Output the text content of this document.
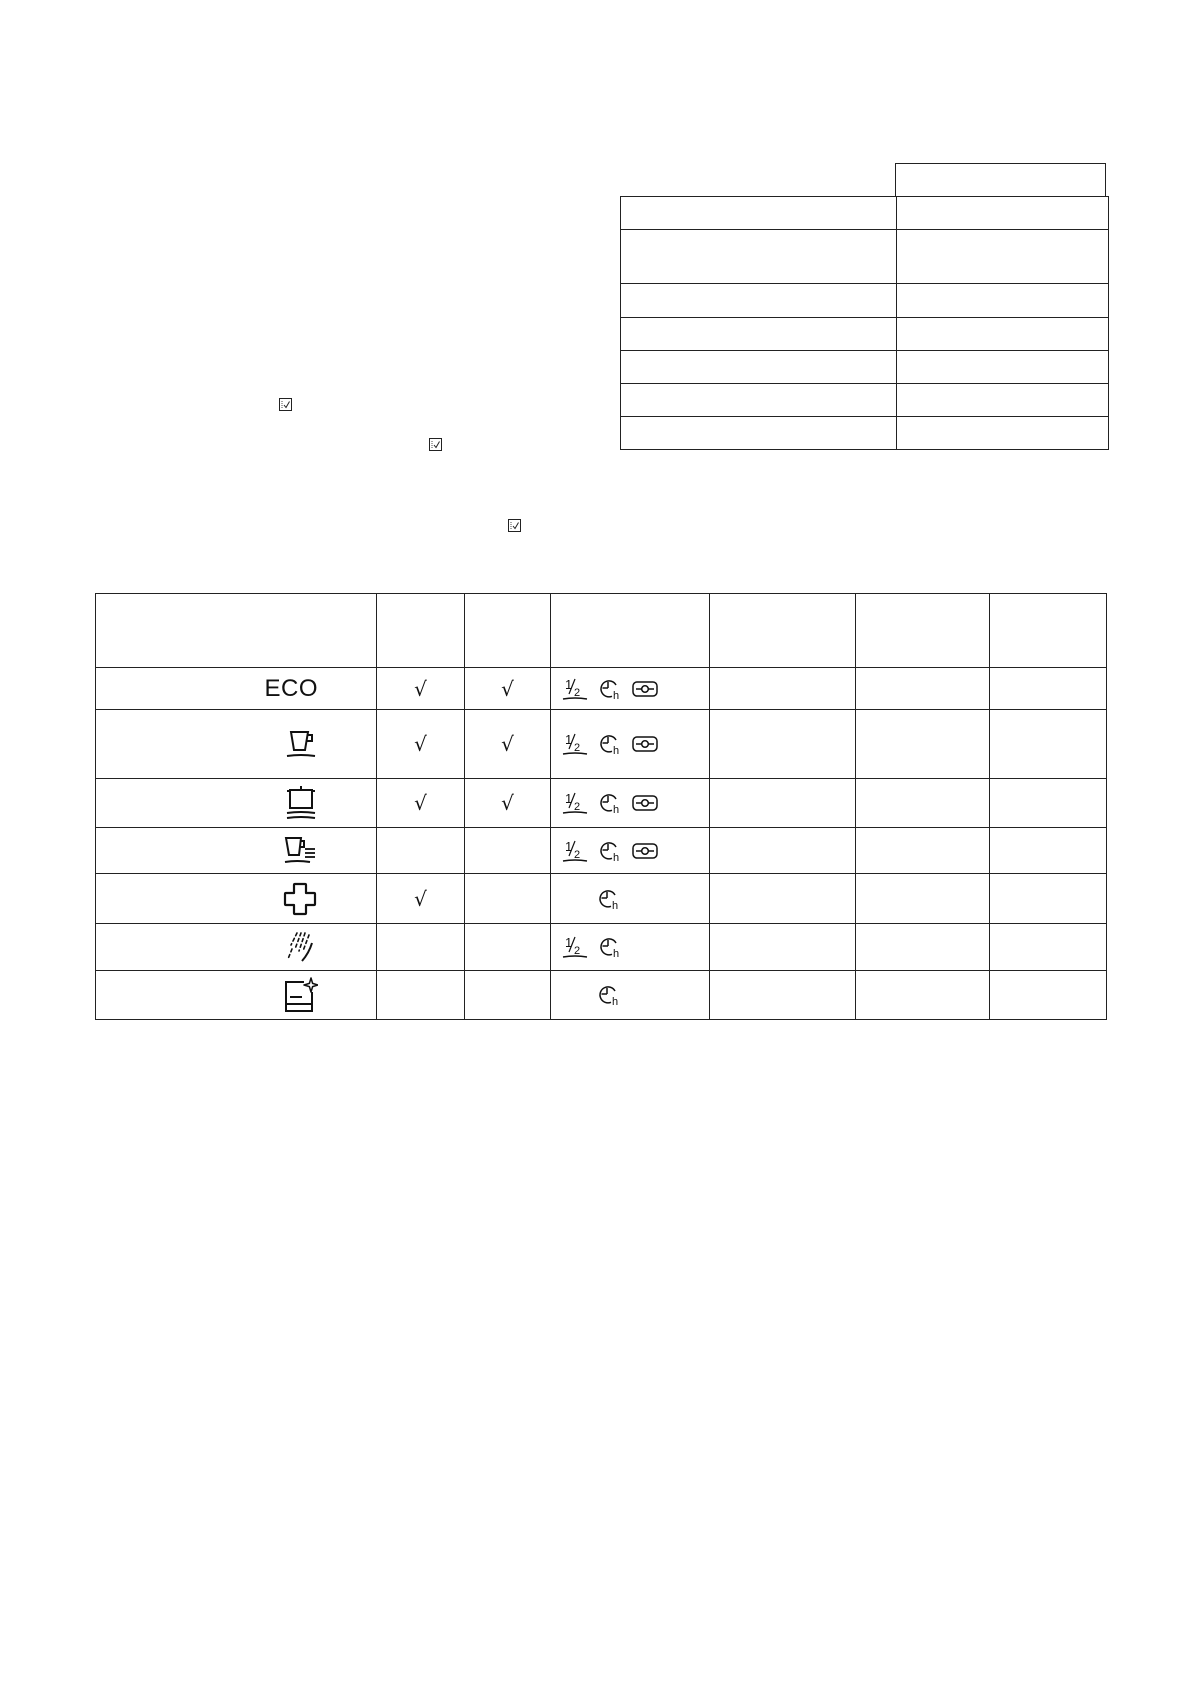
ECO	√	√				
	√	√				
	√	√				

	√					
